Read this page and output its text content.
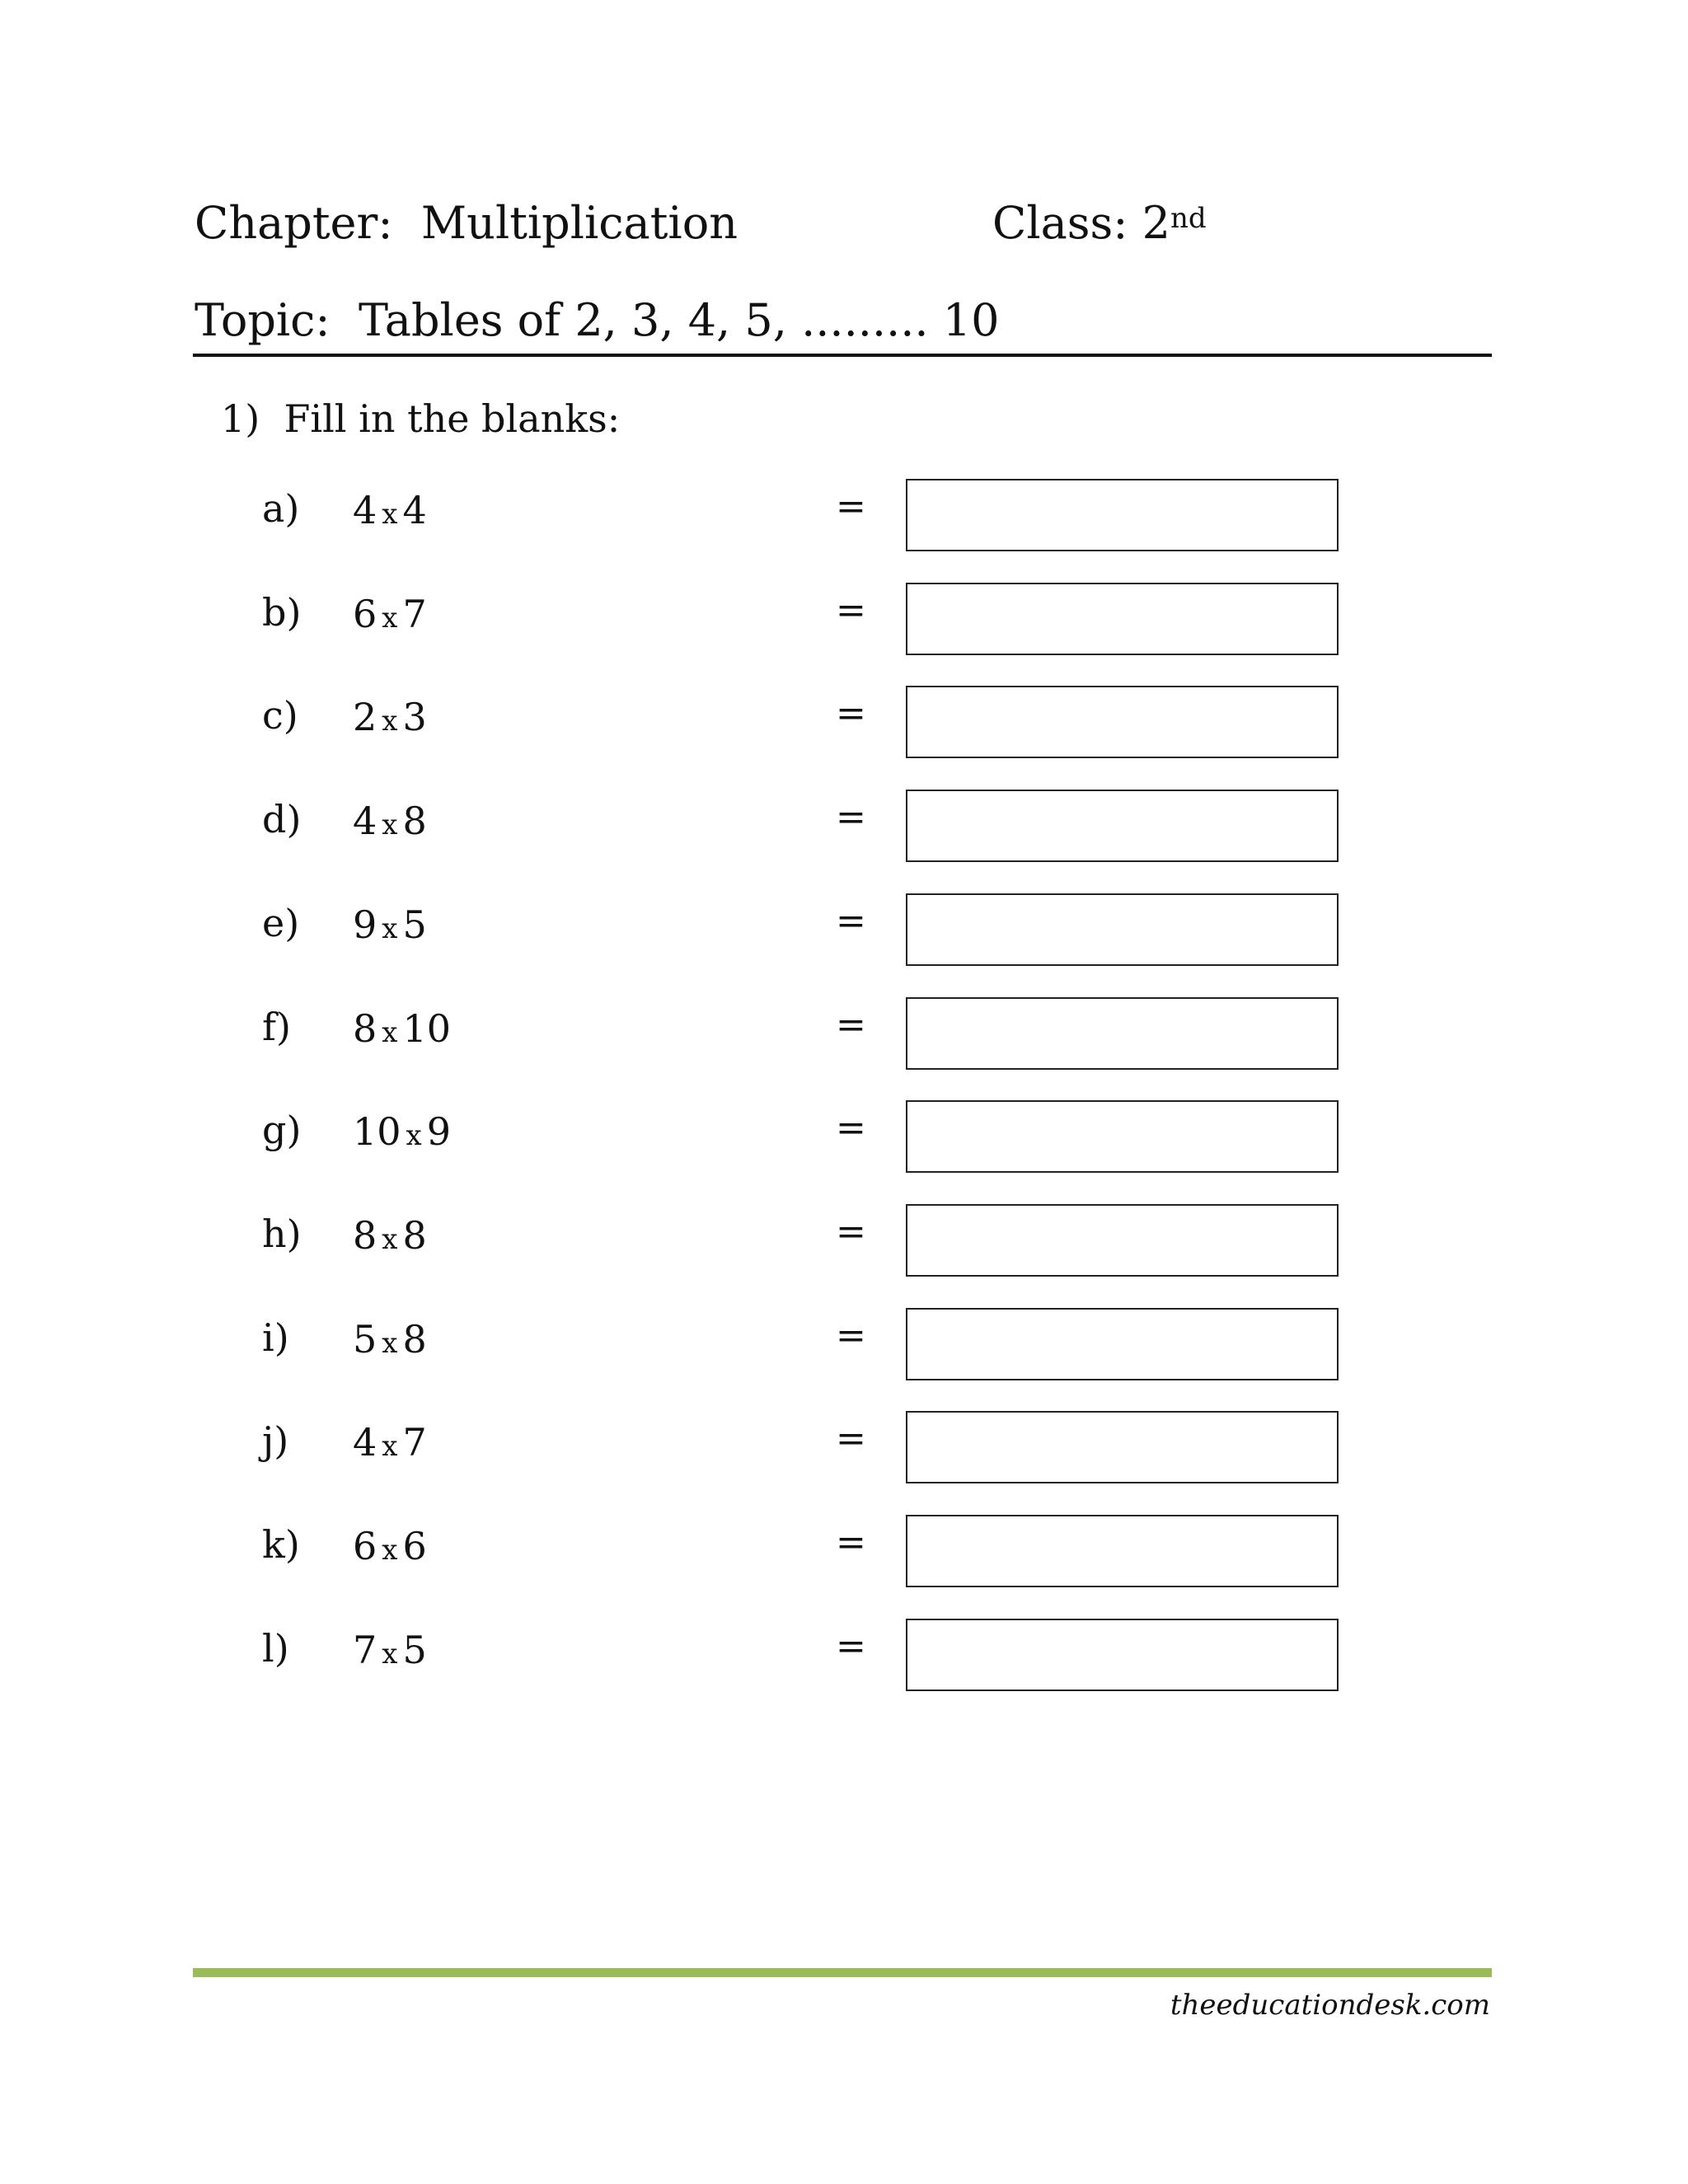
Chapter: Multiplication	Class: 2nd
Topic: Tables of 2, 3, 4, 5, ......... 10
1) Fill in the blanks:
a) 4 x 4	=
b) 6 x 7	=
c) 2 x 3	=
d) 4 x 8	=
e) 9 x 5	=
f) 8 x 10	=
g) 10 x 9	=
h) 8 x 8	=
i) 5 x 8	=
j) 4 x 7	=
k) 6 x 6	=
l) 7 x 5	=
theeducationdesk.com
